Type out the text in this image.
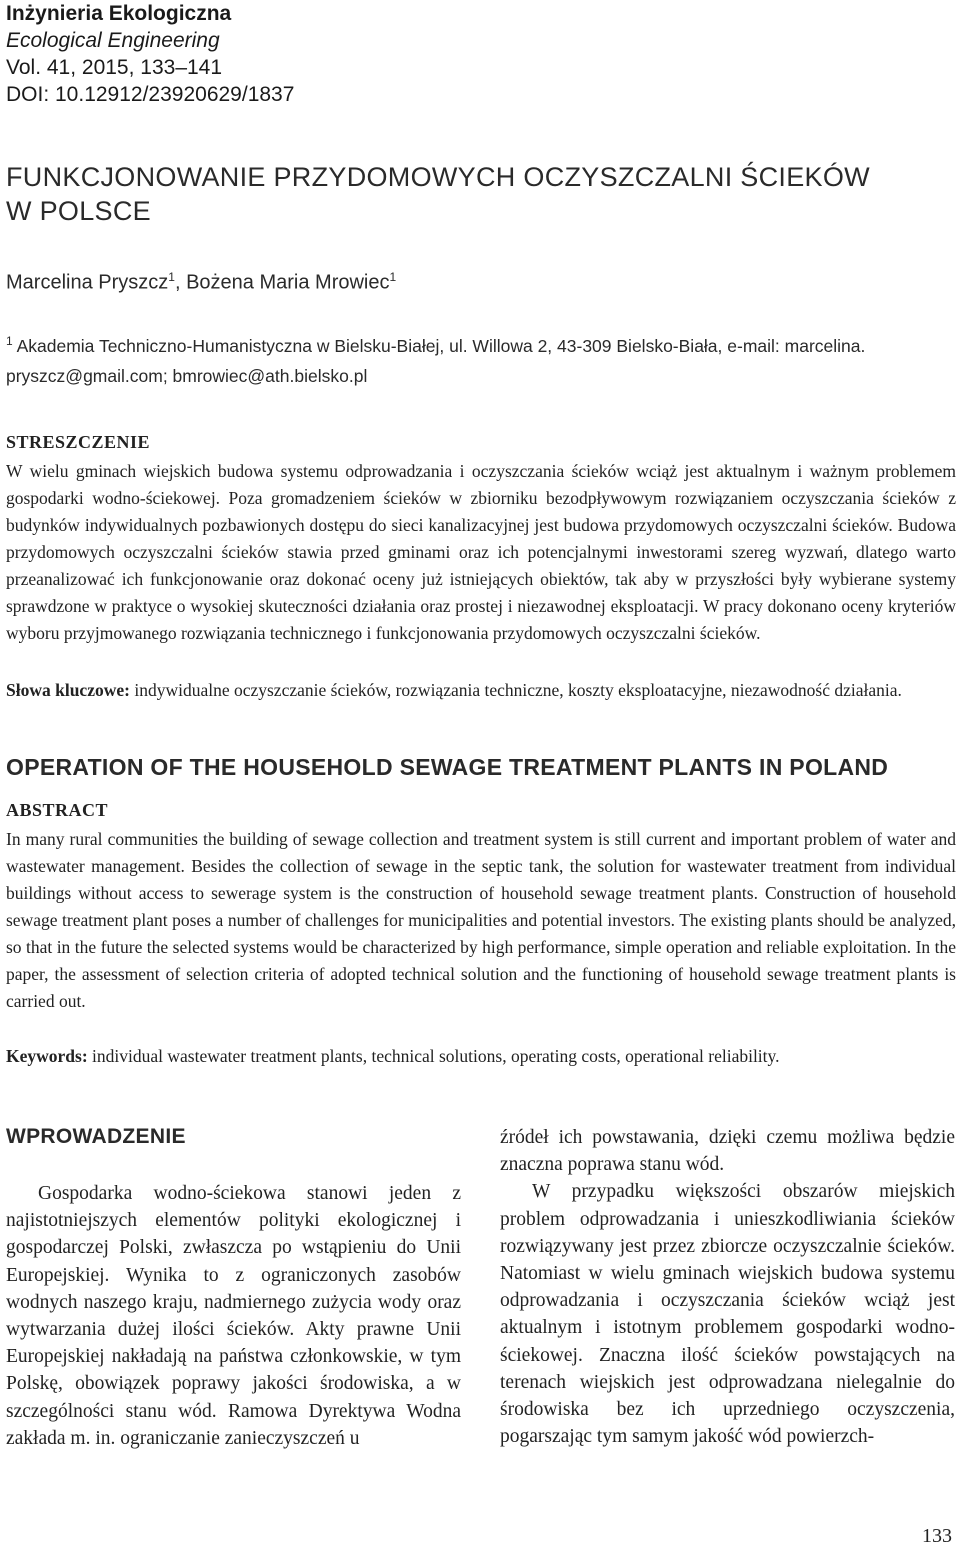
Inżynieria Ekologiczna
Ecological Engineering
Vol. 41, 2015, 133–141
DOI: 10.12912/23920629/1837
FUNKCJONOWANIE PRZYDOMOWYCH OCZYSZCZALNI ŚCIEKÓW
W POLSCE
Marcelina Pryszcz$^1$, Bożena Maria Mrowiec$^1$
$^1$ Akademia Techniczno-Humanistyczna w Bielsku-Białej, ul. Willowa 2, 43-309 Bielsko-Biała, e-mail: marcelina. pryszcz@gmail.com; bmrowiec@ath.bielsko.pl
STRESZCZENIE
W wielu gminach wiejskich budowa systemu odprowadzania i oczyszczania ścieków wciąż jest aktualnym i ważnym problemem gospodarki wodno-ściekowej. Poza gromadzeniem ścieków w zbiorniku bezodpływowym rozwiązaniem oczyszczania ścieków z budynków indywidualnych pozbawionych dostępu do sieci kanalizacyjnej jest budowa przydomowych oczyszczalni ścieków. Budowa przydomowych oczyszczalni ścieków stawia przed gminami oraz ich potencjalnymi inwestorami szereg wyzwań, dlatego warto przeanalizować ich funkcjonowanie oraz dokonać oceny już istniejących obiektów, tak aby w przyszłości były wybierane systemy sprawdzone w praktyce o wysokiej skuteczności działania oraz prostej i niezawodnej eksploatacji. W pracy dokonano oceny kryteriów wyboru przyjmowanego rozwiązania technicznego i funkcjonowania przydomowych oczyszczalni ścieków.
Słowa kluczowe: indywidualne oczyszczanie ścieków, rozwiązania techniczne, koszty eksploatacyjne, niezawodność działania.
OPERATION OF THE HOUSEHOLD SEWAGE TREATMENT PLANTS IN POLAND
ABSTRACT
In many rural communities the building of sewage collection and treatment system is still current and important problem of water and wastewater management. Besides the collection of sewage in the septic tank, the solution for wastewater treatment from individual buildings without access to sewerage system is the construction of household sewage treatment plants. Construction of household sewage treatment plant poses a number of challenges for municipalities and potential investors. The existing plants should be analyzed, so that in the future the selected systems would be characterized by high performance, simple operation and reliable exploitation. In the paper, the assessment of selection criteria of adopted technical solution and the functioning of household sewage treatment plants is carried out.
Keywords: individual wastewater treatment plants, technical solutions, operating costs, operational reliability.
WPROWADZENIE

Gospodarka wodno-ściekowa stanowi jeden z najistotniejszych elementów polityki ekologicznej i gospodarczej Polski, zwłaszcza po wstąpieniu do Unii Europejskiej. Wynika to z ograniczonych zasobów wodnych naszego kraju, nadmiernego zużycia wody oraz wytwarzania dużej ilości ścieków. Akty prawne Unii Europejskiej nakładają na państwa członkowskie, w tym Polskę, obowiązek poprawy jakości środowiska, a w szczególności stanu wód. Ramowa Dyrektywa Wodna zakłada m. in. ograniczanie zanieczyszczeń u

źródeł ich powstawania, dzięki czemu możliwa będzie znaczna poprawa stanu wód.

W przypadku większości obszarów miejskich problem odprowadzania i unieszkodliwiania ścieków rozwiązywany jest przez zbiorcze oczyszczalnie ścieków. Natomiast w wielu gminach wiejskich budowa systemu odprowadzania i oczyszczania ścieków wciąż jest aktualnym i istotnym problemem gospodarki wodno-ściekowej. Znaczna ilość ścieków powstających na terenach wiejskich jest odprowadzana nielegalnie do środowiska bez ich uprzedniego oczyszczenia, pogarszając tym samym jakość wód powierzch-

133
